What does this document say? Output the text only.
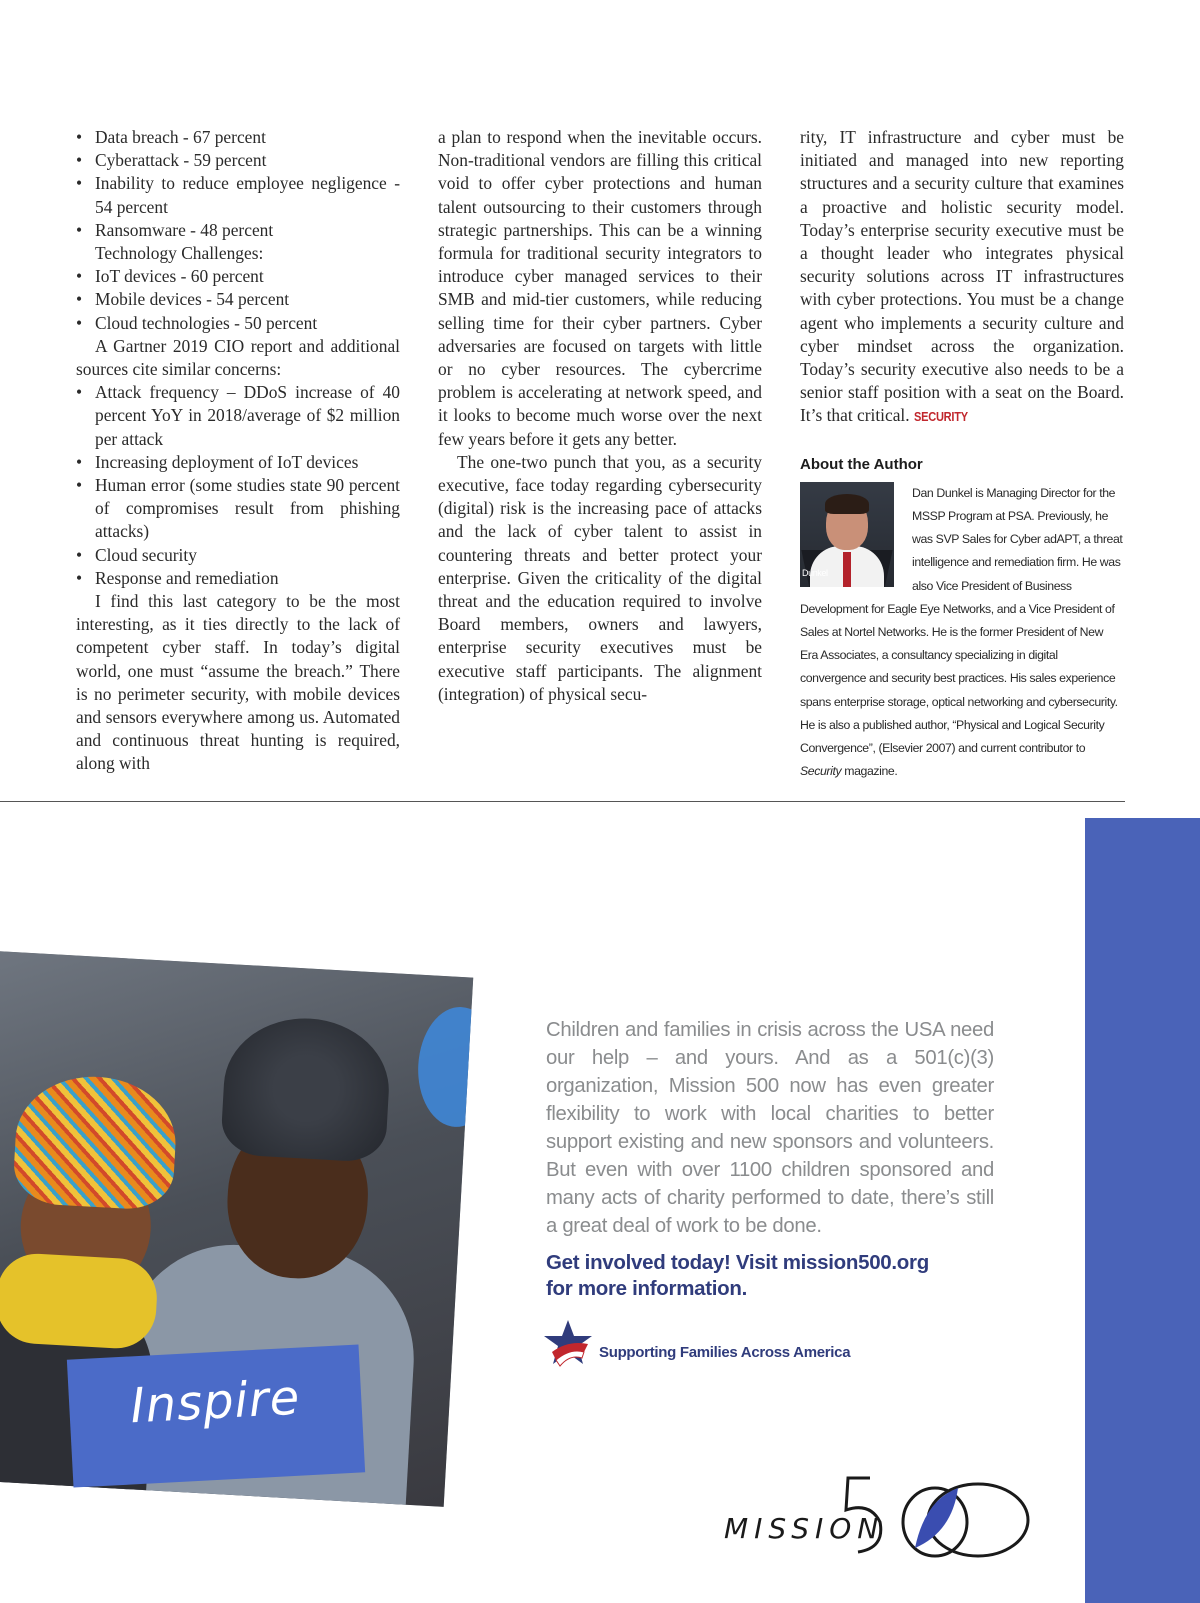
• Data breach - 67 percent
• Cyberattack - 59 percent
• Inability to reduce employee negligence - 54 percent
• Ransomware - 48 percent

Technology Challenges:

• IoT devices - 60 percent
• Mobile devices - 54 percent
• Cloud technologies - 50 percent

A Gartner 2019 CIO report and additional sources cite similar concerns:

• Attack frequency – DDoS increase of 40 percent YoY in 2018/average of $2 million per attack
• Increasing deployment of IoT devices
• Human error (some studies state 90 percent of compromises result from phishing attacks)
• Cloud security
• Response and remediation

I find this last category to be the most interesting, as it ties directly to the lack of competent cyber staff. In today’s digital world, one must “assume the breach.” There is no perimeter security, with mobile devices and sensors everywhere among us. Automated and continuous threat hunting is required, along with

a plan to respond when the inevitable occurs. Non-traditional vendors are filling this critical void to offer cyber protections and human talent outsourcing to their customers through strategic partnerships. This can be a winning formula for traditional security integrators to introduce cyber managed services to their SMB and mid-tier customers, while reducing selling time for their cyber partners. Cyber adversaries are focused on targets with little or no cyber resources. The cybercrime problem is accelerating at network speed, and it looks to become much worse over the next few years before it gets any better.

The one-two punch that you, as a security executive, face today regarding cybersecurity (digital) risk is the increasing pace of attacks and the lack of cyber talent to assist in countering threats and better protect your enterprise. Given the criticality of the digital threat and the education required to involve Board members, owners and lawyers, enterprise security executives must be executive staff participants. The alignment (integration) of physical secu-

rity, IT infrastructure and cyber must be initiated and managed into new reporting structures and a security culture that examines a proactive and holistic security model. Today’s enterprise security executive must be a thought leader who integrates physical security solutions across IT infrastructures with cyber protections. You must be a change agent who implements a security culture and cyber mindset across the organization. Today’s security executive also needs to be a senior staff position with a seat on the Board. It’s that critical. SECURITY

About the Author
Dunkel
Dan Dunkel is Managing Director for the MSSP Program at PSA. Previously, he was SVP Sales for Cyber adAPT, a threat intelligence and remediation firm. He was also Vice President of Business Development for Eagle Eye Networks, and a Vice President of Sales at Nortel Networks. He is the former President of New Era Associates, a consultancy specializing in digital convergence and security best practices. His sales experience spans enterprise storage, optical networking and cybersecurity. He is also a published author, “Physical and Logical Security Convergence”, (Elsevier 2007) and current contributor to Security magazine.
Inspire

Children and families in crisis across the USA need our help – and yours. And as a 501(c)(3) organization, Mission 500 now has even greater flexibility to work with local charities to better support existing and new sponsors and volunteers. But even with over 1100 children sponsored and many acts of charity performed to date, there’s still a great deal of work to be done.

Get involved today! Visit mission500.org
for more information.

Supporting Families Across America
MISSION
